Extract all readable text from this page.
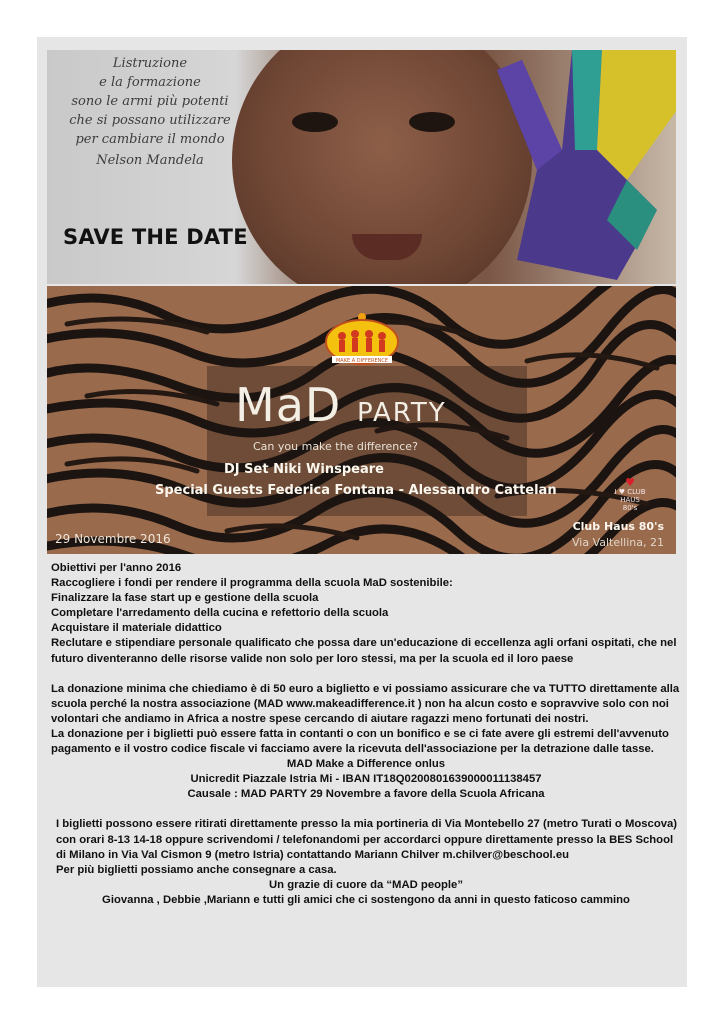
Listruzione
e la formazione
sono le armi più potenti
che si possano utilizzare
per cambiare il mondo
Nelson Mandela
SAVE THE DATE
MAKE A DIFFERENCE
MaD PARTY
Can you make the difference?
DJ Set Niki Winspeare
Special Guests Federica Fontana - Alessandro Cattelan
♥
I ♥ CLUB HAUS 80's
29 Novembre 2016
Club Haus 80's
Via Valtellina, 21

Obiettivi per l'anno 2016

Raccogliere i fondi per rendere il programma della scuola MaD sostenibile:

Finalizzare la fase start up e gestione della scuola

Completare l'arredamento della cucina e refettorio della scuola

Acquistare il materiale didattico

Reclutare e stipendiare personale qualificato che possa dare un'educazione di eccellenza agli orfani ospitati, che nel futuro diventeranno delle risorse valide non solo per loro stessi, ma per la scuola ed il loro paese

La donazione minima che chiediamo è di 50 euro a biglietto e vi possiamo assicurare che va TUTTO direttamente alla scuola perché la nostra associazione (MAD www.makeadifference.it ) non ha alcun costo e sopravvive solo con noi volontari che andiamo in Africa a nostre spese cercando di aiutare ragazzi meno fortunati dei nostri.

La donazione per i biglietti può essere fatta in contanti o con un bonifico e se ci fate avere gli estremi dell'avvenuto pagamento e il vostro codice fiscale vi facciamo avere la ricevuta dell'associazione per la detrazione dalle tasse.

MAD Make a Difference onlus

Unicredit Piazzale Istria Mi - IBAN IT18Q0200801639000011138457

Causale : MAD PARTY 29 Novembre a favore della Scuola Africana

I biglietti possono essere ritirati direttamente presso la mia portineria di Via Montebello 27 (metro Turati o Moscova) con orari 8-13 14-18 oppure scrivendomi / telefonandomi per accordarci oppure direttamente presso la BES School di Milano in Via Val Cismon 9 (metro Istria) contattando Mariann Chilver m.chilver@beschool.eu

Per più biglietti possiamo anche consegnare a casa.

Un grazie di cuore da “MAD people”

Giovanna , Debbie ,Mariann e tutti gli amici che ci sostengono da anni in questo faticoso cammino
